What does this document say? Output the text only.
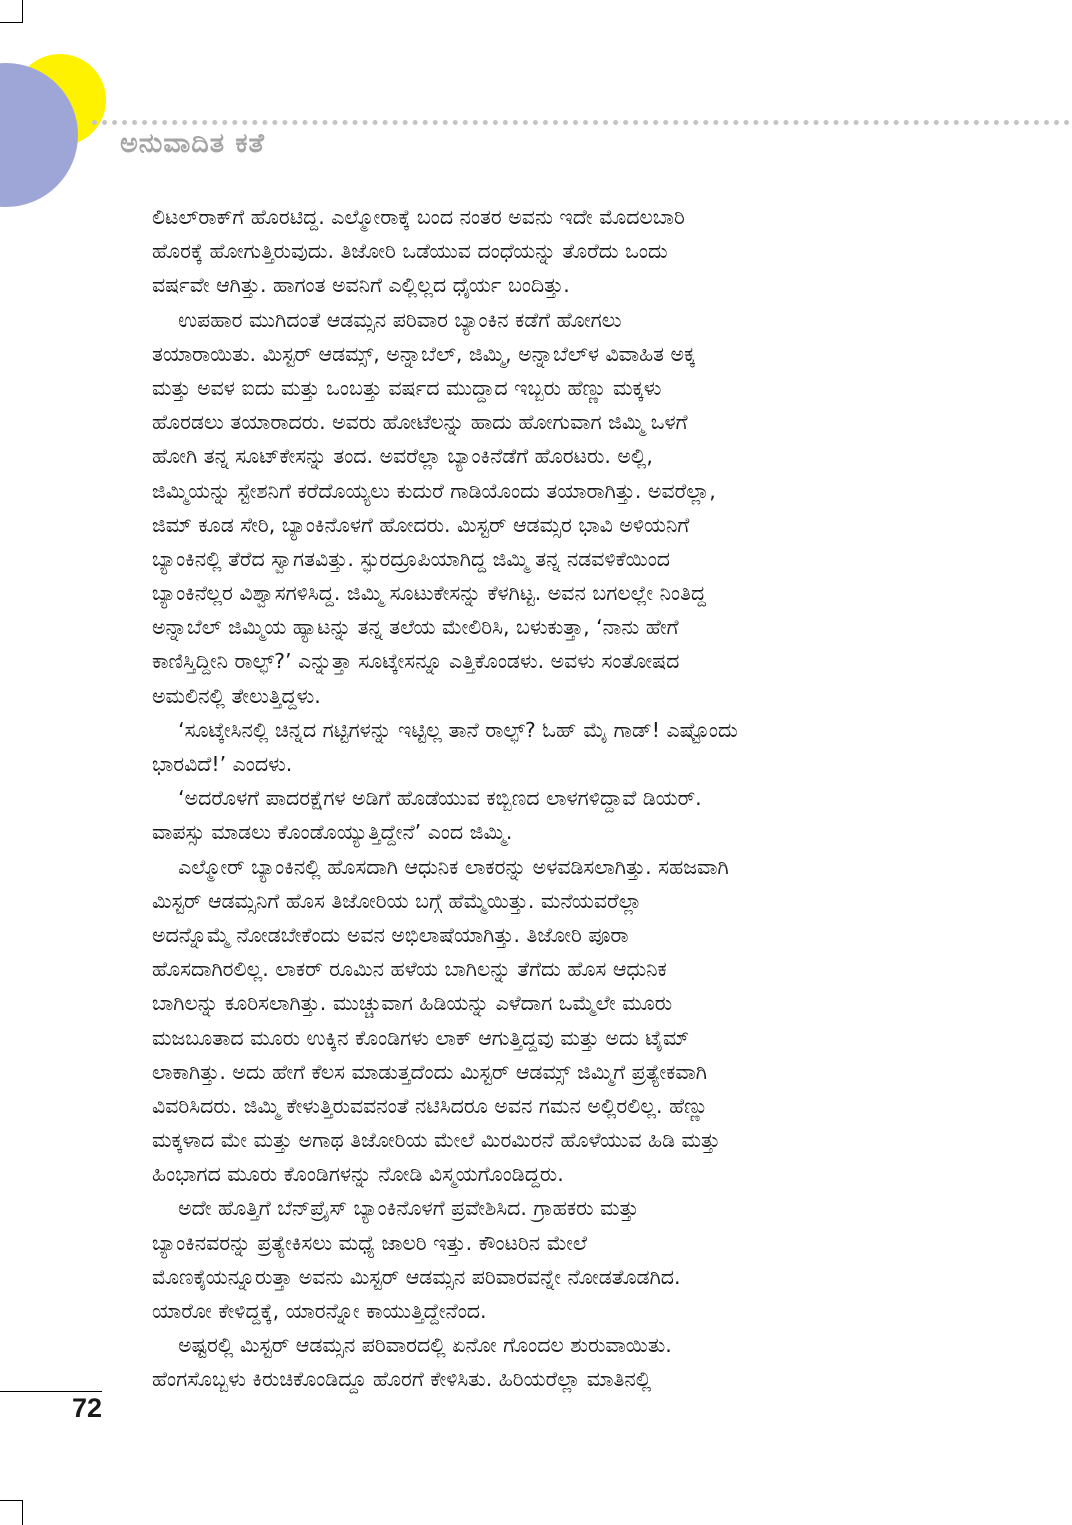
ಅನುವಾದಿತ ಕತೆ
ಲಿಟಲ್‌ರಾಕ್‌ಗೆ ಹೊರಟಿದ್ದ. ಎಲ್ಮೋರಾಕ್ಕೆ ಬಂದ ನಂತರ ಅವನು ಇದೇ ಮೊದಲಬಾರಿ
ಹೊರಕ್ಕೆ ಹೋಗುತ್ತಿರುವುದು. ತಿಜೋರಿ ಒಡೆಯುವ ದಂಧೆಯನ್ನು ತೊರೆದು ಒಂದು
ವರ್ಷವೇ ಆಗಿತ್ತು. ಹಾಗಂತ ಅವನಿಗೆ ಎಲ್ಲಿಲ್ಲದ ಧೈರ್ಯ ಬಂದಿತ್ತು.
ಉಪಹಾರ ಮುಗಿದಂತೆ ಆಡಮ್ಸನ ಪರಿವಾರ ಬ್ಯಾಂಕಿನ ಕಡೆಗೆ ಹೋಗಲು
ತಯಾರಾಯಿತು. ಮಿಸ್ಟರ್ ಆಡಮ್ಸ್, ಅನ್ನಾಬೆಲ್, ಜಿಮ್ಮಿ, ಅನ್ನಾಬೆಲ್‌ಳ ವಿವಾಹಿತ ಅಕ್ಕ
ಮತ್ತು ಅವಳ ಐದು ಮತ್ತು ಒಂಬತ್ತು ವರ್ಷದ ಮುದ್ದಾದ ಇಬ್ಬರು ಹೆಣ್ಣು ಮಕ್ಕಳು
ಹೊರಡಲು ತಯಾರಾದರು. ಅವರು ಹೋಟೆಲನ್ನು ಹಾದು ಹೋಗುವಾಗ ಜಿಮ್ಮಿ ಒಳಗೆ
ಹೋಗಿ ತನ್ನ ಸೂಟ್‌ಕೇಸನ್ನು ತಂದ. ಅವರೆಲ್ಲಾ ಬ್ಯಾಂಕಿನೆಡೆಗೆ ಹೊರಟರು. ಅಲ್ಲಿ,
ಜಿಮ್ಮಿಯನ್ನು ಸ್ಟೇಶನಿಗೆ ಕರೆದೊಯ್ಯಲು ಕುದುರೆ ಗಾಡಿಯೊಂದು ತಯಾರಾಗಿತ್ತು. ಅವರೆಲ್ಲಾ,
ಜಿಮ್ ಕೂಡ ಸೇರಿ, ಬ್ಯಾಂಕಿನೊಳಗೆ ಹೋದರು. ಮಿಸ್ಟರ್ ಆಡಮ್ಸರ ಭಾವಿ ಅಳಿಯನಿಗೆ
ಬ್ಯಾಂಕಿನಲ್ಲಿ ತೆರೆದ ಸ್ವಾಗತವಿತ್ತು. ಸ್ಫುರದ್ರೂಪಿಯಾಗಿದ್ದ ಜಿಮ್ಮಿ ತನ್ನ ನಡವಳಿಕೆಯಿಂದ
ಬ್ಯಾಂಕಿನೆಲ್ಲರ ವಿಶ್ವಾಸಗಳಿಸಿದ್ದ. ಜಿಮ್ಮಿ ಸೂಟುಕೇಸನ್ನು ಕೆಳಗಿಟ್ಟ. ಅವನ ಬಗಲಲ್ಲೇ ನಿಂತಿದ್ದ
ಅನ್ನಾಬೆಲ್ ಜಿಮ್ಮಿಯ ಹ್ಯಾಟನ್ನು ತನ್ನ ತಲೆಯ ಮೇಲಿರಿಸಿ, ಬಳುಕುತ್ತಾ, ‘ನಾನು ಹೇಗೆ
ಕಾಣಿಸ್ತಿದ್ದೀನಿ ರಾಲ್ಫ್?’ ಎನ್ನುತ್ತಾ ಸೂಟ್ಕೇಸನ್ನೂ ಎತ್ತಿಕೊಂಡಳು. ಅವಳು ಸಂತೋಷದ
ಅಮಲಿನಲ್ಲಿ ತೇಲುತ್ತಿದ್ದಳು.
‘ಸೂಟ್ಕೇಸಿನಲ್ಲಿ ಚಿನ್ನದ ಗಟ್ಟಿಗಳನ್ನು ಇಟ್ಟಿಲ್ಲ ತಾನೆ ರಾಲ್ಫ್? ಓಹ್ ಮೈ ಗಾಡ್! ಎಷ್ಟೊಂದು
ಭಾರವಿದೆ!’ ಎಂದಳು.
‘ಅದರೊಳಗೆ ಪಾದರಕ್ಷೆಗಳ ಅಡಿಗೆ ಹೊಡೆಯುವ ಕಬ್ಬಿಣದ ಲಾಳಗಳಿದ್ದಾವೆ ಡಿಯರ್.
ವಾಪಸ್ಸು ಮಾಡಲು ಕೊಂಡೊಯ್ಯುತ್ತಿದ್ದೇನೆ’ ಎಂದ ಜಿಮ್ಮಿ.
ಎಲ್ಮೋರ್ ಬ್ಯಾಂಕಿನಲ್ಲಿ ಹೊಸದಾಗಿ ಆಧುನಿಕ ಲಾಕರನ್ನು ಅಳವಡಿಸಲಾಗಿತ್ತು. ಸಹಜವಾಗಿ
ಮಿಸ್ಟರ್ ಆಡಮ್ಸನಿಗೆ ಹೊಸ ತಿಜೋರಿಯ ಬಗ್ಗೆ ಹೆಮ್ಮೆಯಿತ್ತು. ಮನೆಯವರೆಲ್ಲಾ
ಅದನ್ನೊಮ್ಮೆ ನೋಡಬೇಕೆಂದು ಅವನ ಅಭಿಲಾಷೆಯಾಗಿತ್ತು. ತಿಜೋರಿ ಪೂರಾ
ಹೊಸದಾಗಿರಲಿಲ್ಲ. ಲಾಕರ್ ರೂಮಿನ ಹಳೆಯ ಬಾಗಿಲನ್ನು ತೆಗೆದು ಹೊಸ ಆಧುನಿಕ
ಬಾಗಿಲನ್ನು ಕೂರಿಸಲಾಗಿತ್ತು. ಮುಚ್ಚುವಾಗ ಹಿಡಿಯನ್ನು ಎಳೆದಾಗ ಒಮ್ಮೆಲೇ ಮೂರು
ಮಜಬೂತಾದ ಮೂರು ಉಕ್ಕಿನ ಕೊಂಡಿಗಳು ಲಾಕ್ ಆಗುತ್ತಿದ್ದವು ಮತ್ತು ಅದು ಟೈಮ್
ಲಾಕಾಗಿತ್ತು. ಅದು ಹೇಗೆ ಕೆಲಸ ಮಾಡುತ್ತದೆಂದು ಮಿಸ್ಟರ್ ಆಡಮ್ಸ್ ಜಿಮ್ಮಿಗೆ ಪ್ರತ್ಯೇಕವಾಗಿ
ವಿವರಿಸಿದರು. ಜಿಮ್ಮಿ ಕೇಳುತ್ತಿರುವವನಂತೆ ನಟಿಸಿದರೂ ಅವನ ಗಮನ ಅಲ್ಲಿರಲಿಲ್ಲ. ಹೆಣ್ಣು
ಮಕ್ಕಳಾದ ಮೇ ಮತ್ತು ಅಗಾಥ ತಿಜೋರಿಯ ಮೇಲೆ ಮಿರಮಿರನೆ ಹೊಳೆಯುವ ಹಿಡಿ ಮತ್ತು
ಹಿಂಭಾಗದ ಮೂರು ಕೊಂಡಿಗಳನ್ನು ನೋಡಿ ವಿಸ್ಮಯಗೊಂಡಿದ್ದರು.
ಅದೇ ಹೊತ್ತಿಗೆ ಬೆನ್‌ಪ್ರೈಸ್ ಬ್ಯಾಂಕಿನೊಳಗೆ ಪ್ರವೇಶಿಸಿದ. ಗ್ರಾಹಕರು ಮತ್ತು
ಬ್ಯಾಂಕಿನವರನ್ನು ಪ್ರತ್ಯೇಕಿಸಲು ಮಧ್ಯೆ ಜಾಲರಿ ಇತ್ತು. ಕೌಂಟರಿನ ಮೇಲೆ
ಮೊಣಕೈಯನ್ನೂರುತ್ತಾ ಅವನು ಮಿಸ್ಟರ್ ಆಡಮ್ಸನ ಪರಿವಾರವನ್ನೇ ನೋಡತೊಡಗಿದ.
ಯಾರೋ ಕೇಳಿದ್ದಕ್ಕೆ, ಯಾರನ್ನೋ ಕಾಯುತ್ತಿದ್ದೇನೆಂದ.
ಅಷ್ಟರಲ್ಲಿ ಮಿಸ್ಟರ್ ಆಡಮ್ಸನ ಪರಿವಾರದಲ್ಲಿ ಏನೋ ಗೊಂದಲ ಶುರುವಾಯಿತು.
ಹೆಂಗಸೊಬ್ಬಳು ಕಿರುಚಿಕೊಂಡಿದ್ದೂ ಹೊರಗೆ ಕೇಳಿಸಿತು. ಹಿರಿಯರೆಲ್ಲಾ ಮಾತಿನಲ್ಲಿ
72
